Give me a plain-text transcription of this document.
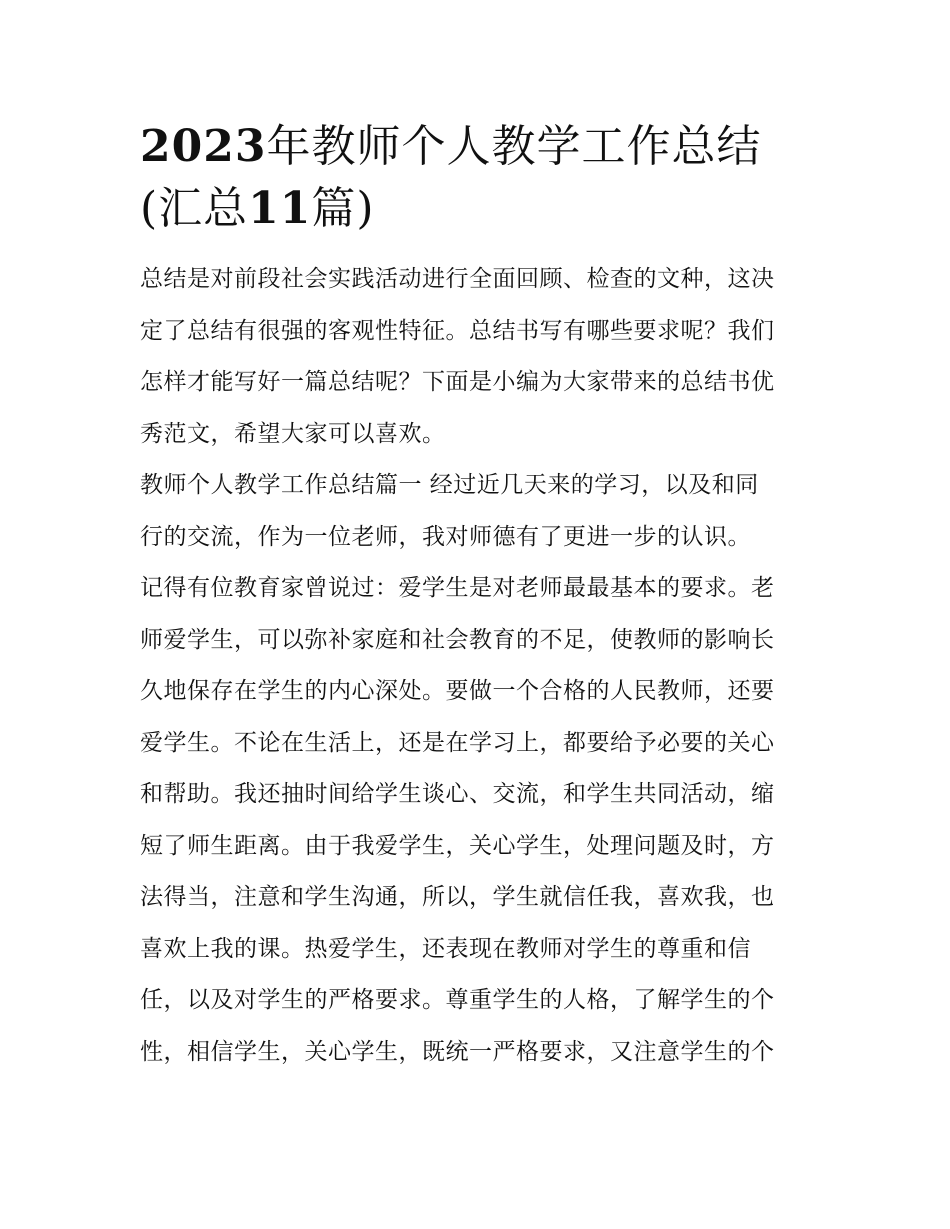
2023年教师个人教学工作总结
(汇总11篇)

总结是对前段社会实践活动进行全面回顾、检查的文种，这决
定了总结有很强的客观性特征。总结书写有哪些要求呢？我们
怎样才能写好一篇总结呢？下面是小编为大家带来的总结书优
秀范文，希望大家可以喜欢。

教师个人教学工作总结篇一 经过近几天来的学习，以及和同
行的交流，作为一位老师，我对师德有了更进一步的认识。

记得有位教育家曾说过：爱学生是对老师最最基本的要求。老
师爱学生，可以弥补家庭和社会教育的不足，使教师的影响长
久地保存在学生的内心深处。要做一个合格的人民教师，还要
爱学生。不论在生活上，还是在学习上，都要给予必要的关心
和帮助。我还抽时间给学生谈心、交流，和学生共同活动，缩
短了师生距离。由于我爱学生，关心学生，处理问题及时，方
法得当，注意和学生沟通，所以，学生就信任我，喜欢我，也
喜欢上我的课。热爱学生，还表现在教师对学生的尊重和信
任，以及对学生的严格要求。尊重学生的人格，了解学生的个
性，相信学生，关心学生，既统一严格要求，又注意学生的个
